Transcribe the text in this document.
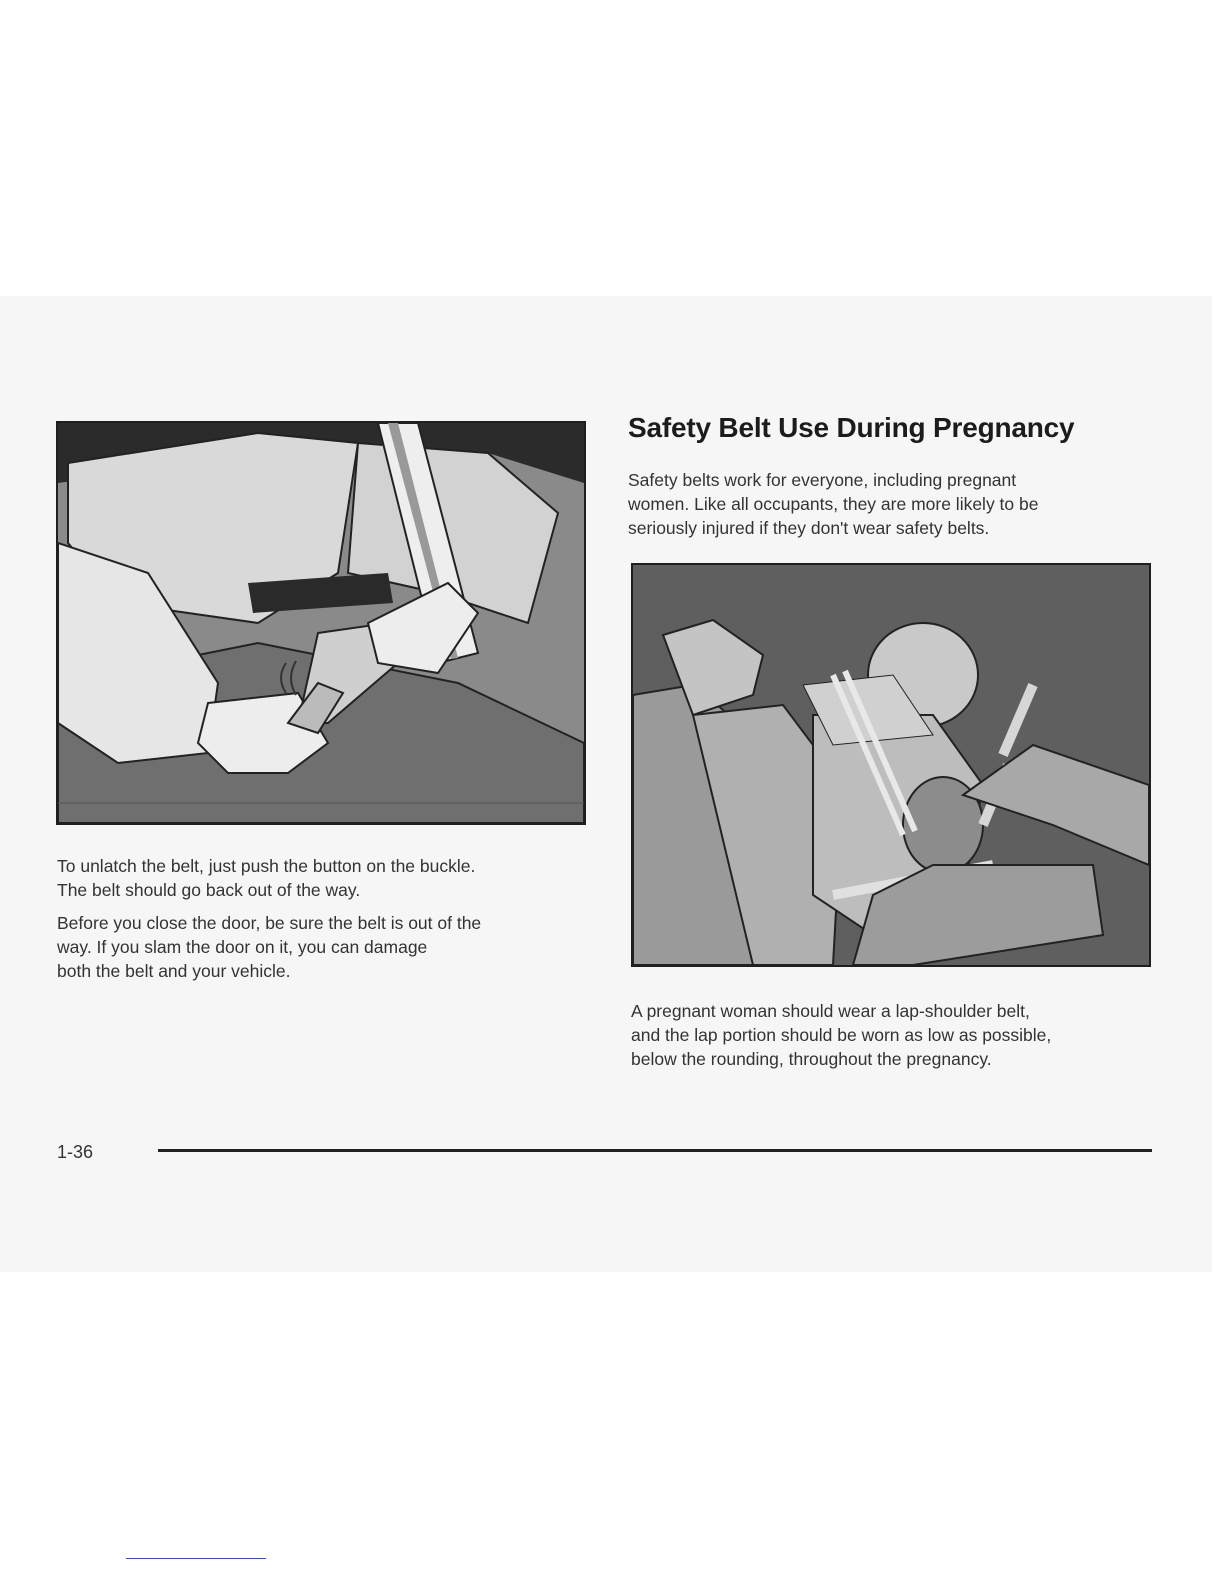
Safety Belt Use During Pregnancy

Safety belts work for everyone, including pregnant
women. Like all occupants, they are more likely to be
seriously injured if they don't wear safety belts.

To unlatch the belt, just push the button on the buckle.
The belt should go back out of the way.

Before you close the door, be sure the belt is out of the
way. If you slam the door on it, you can damage
both the belt and your vehicle.

A pregnant woman should wear a lap-shoulder belt,
and the lap portion should be worn as low as possible,
below the rounding, throughout the pregnancy.

1-36
